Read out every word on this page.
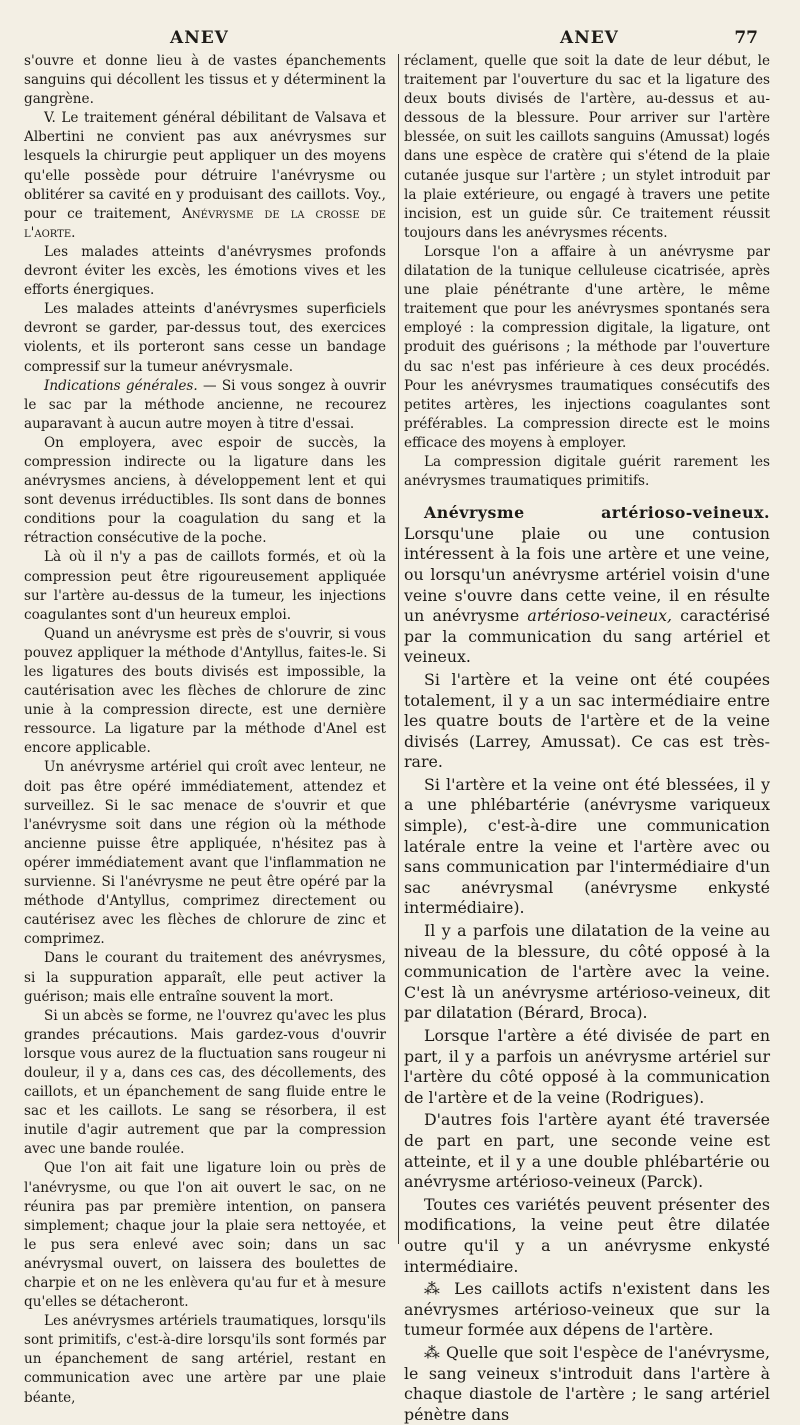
ANEV	ANEV	77

s'ouvre et donne lieu à de vastes épanchements sanguins qui décollent les tissus et y déterminent la gangrène.

V. Le traitement général débilitant de Valsava et Albertini ne convient pas aux anévrysmes sur lesquels la chirurgie peut appliquer un des moyens qu'elle possède pour détruire l'anévrysme ou oblitérer sa cavité en y produisant des caillots. Voy., pour ce traitement, Anévrysme de la crosse de l'aorte.

Les malades atteints d'anévrysmes profonds devront éviter les excès, les émotions vives et les efforts énergiques.

Les malades atteints d'anévrysmes superficiels devront se garder, par-dessus tout, des exercices violents, et ils porteront sans cesse un bandage compressif sur la tumeur anévrysmale.

Indications générales. — Si vous songez à ouvrir le sac par la méthode ancienne, ne recourez auparavant à aucun autre moyen à titre d'essai.

On employera, avec espoir de succès, la compression indirecte ou la ligature dans les anévrysmes anciens, à développement lent et qui sont devenus irréductibles. Ils sont dans de bonnes conditions pour la coagulation du sang et la rétraction consécutive de la poche.

Là où il n'y a pas de caillots formés, et où la compression peut être rigoureusement appliquée sur l'artère au-dessus de la tumeur, les injections coagulantes sont d'un heureux emploi.

Quand un anévrysme est près de s'ouvrir, si vous pouvez appliquer la méthode d'Antyllus, faites-le. Si les ligatures des bouts divisés est impossible, la cautérisation avec les flèches de chlorure de zinc unie à la compression directe, est une dernière ressource. La ligature par la méthode d'Anel est encore applicable.

Un anévrysme artériel qui croît avec lenteur, ne doit pas être opéré immédiatement, attendez et surveillez. Si le sac menace de s'ouvrir et que l'anévrysme soit dans une région où la méthode ancienne puisse être appliquée, n'hésitez pas à opérer immédiatement avant que l'inflammation ne survienne. Si l'anévrysme ne peut être opéré par la méthode d'Antyllus, comprimez directement ou cautérisez avec les flèches de chlorure de zinc et comprimez.

Dans le courant du traitement des anévrysmes, si la suppuration apparaît, elle peut activer la guérison; mais elle entraîne souvent la mort.

Si un abcès se forme, ne l'ouvrez qu'avec les plus grandes précautions. Mais gardez-vous d'ouvrir lorsque vous aurez de la fluctuation sans rougeur ni douleur, il y a, dans ces cas, des décollements, des caillots, et un épanchement de sang fluide entre le sac et les caillots. Le sang se résorbera, il est inutile d'agir autrement que par la compression avec une bande roulée.

Que l'on ait fait une ligature loin ou près de l'anévrysme, ou que l'on ait ouvert le sac, on ne réunira pas par première intention, on pansera simplement; chaque jour la plaie sera nettoyée, et le pus sera enlevé avec soin; dans un sac anévrysmal ouvert, on laissera des boulettes de charpie et on ne les enlèvera qu'au fur et à mesure qu'elles se détacheront.

Les anévrysmes artériels traumatiques, lorsqu'ils sont primitifs, c'est-à-dire lorsqu'ils sont formés par un épanchement de sang artériel, restant en communication avec une artère par une plaie béante,

réclament, quelle que soit la date de leur début, le traitement par l'ouverture du sac et la ligature des deux bouts divisés de l'artère, au-dessus et au-dessous de la blessure. Pour arriver sur l'artère blessée, on suit les caillots sanguins (Amussat) logés dans une espèce de cratère qui s'étend de la plaie cutanée jusque sur l'artère ; un stylet introduit par la plaie extérieure, ou engagé à travers une petite incision, est un guide sûr. Ce traitement réussit toujours dans les anévrysmes récents.

Lorsque l'on a affaire à un anévrysme par dilatation de la tunique celluleuse cicatrisée, après une plaie pénétrante d'une artère, le même traitement que pour les anévrysmes spontanés sera employé : la compression digitale, la ligature, ont produit des guérisons ; la méthode par l'ouverture du sac n'est pas inférieure à ces deux procédés. Pour les anévrysmes traumatiques consécutifs des petites artères, les injections coagulantes sont préférables. La compression directe est le moins efficace des moyens à employer.

La compression digitale guérit rarement les anévrysmes traumatiques primitifs.

Anévrysme artérioso-veineux. Lorsqu'une plaie ou une contusion intéressent à la fois une artère et une veine, ou lorsqu'un anévrysme artériel voisin d'une veine s'ouvre dans cette veine, il en résulte un anévrysme artérioso-veineux, caractérisé par la communication du sang artériel et veineux.

Si l'artère et la veine ont été coupées totalement, il y a un sac intermédiaire entre les quatre bouts de l'artère et de la veine divisés (Larrey, Amussat). Ce cas est très-rare.

Si l'artère et la veine ont été blessées, il y a une phlébartérie (anévrysme variqueux simple), c'est-à-dire une communication latérale entre la veine et l'artère avec ou sans communication par l'intermédiaire d'un sac anévrysmal (anévrysme enkysté intermédiaire).

Il y a parfois une dilatation de la veine au niveau de la blessure, du côté opposé à la communication de l'artère avec la veine. C'est là un anévrysme artérioso-veineux, dit par dilatation (Bérard, Broca).

Lorsque l'artère a été divisée de part en part, il y a parfois un anévrysme artériel sur l'artère du côté opposé à la communication de l'artère et de la veine (Rodrigues).

D'autres fois l'artère ayant été traversée de part en part, une seconde veine est atteinte, et il y a une double phlébartérie ou anévrysme artérioso-veineux (Parck).

Toutes ces variétés peuvent présenter des modifications, la veine peut être dilatée outre qu'il y a un anévrysme enkysté intermédiaire.

⁂ Les caillots actifs n'existent dans les anévrysmes artérioso-veineux que sur la tumeur formée aux dépens de l'artère.

⁂ Quelle que soit l'espèce de l'anévrysme, le sang veineux s'introduit dans l'artère à chaque diastole de l'artère ; le sang artériel pénètre dans
